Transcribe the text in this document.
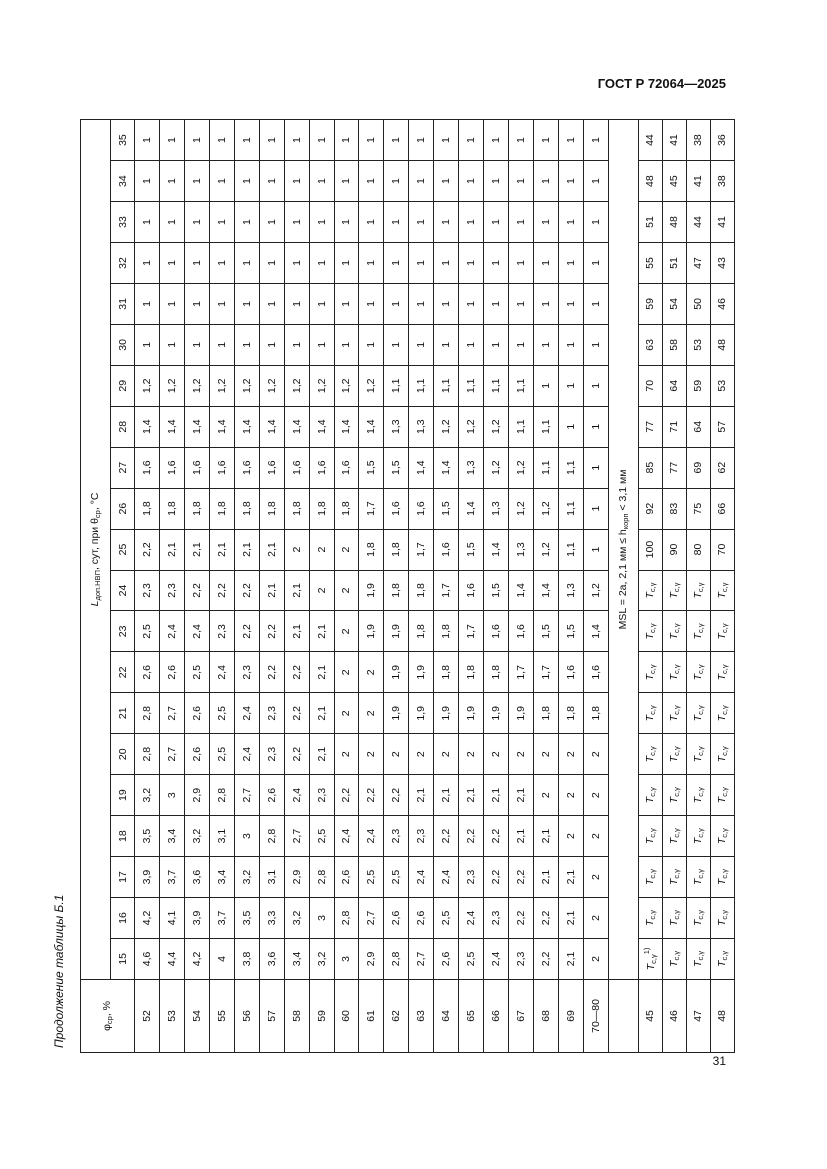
ГОСТ Р 72064—2025
Продолжение таблицы Б.1	$\varphi_{ср}$, %	$L_{доп.НВП}$, сут, при $\theta_{ср}$, °C																				
	15	16	17	18	19	20	21	22	23	24	25	26	27	28	29	30	31	32	33	34	35
52	4,6	4,2	3,9	3,5	3,2	2,8	2,8	2,6	2,5	2,3	2,2	1,8	1,6	1,4	1,2	1	1	1	1	1	1
53	4,4	4,1	3,7	3,4	3	2,7	2,7	2,6	2,4	2,3	2,1	1,8	1,6	1,4	1,2	1	1	1	1	1	1
54	4,2	3,9	3,6	3,2	2,9	2,6	2,6	2,5	2,4	2,2	2,1	1,8	1,6	1,4	1,2	1	1	1	1	1	1
55	4	3,7	3,4	3,1	2,8	2,5	2,5	2,4	2,3	2,2	2,1	1,8	1,6	1,4	1,2	1	1	1	1	1	1
56	3,8	3,5	3,2	3	2,7	2,4	2,4	2,3	2,2	2,2	2,1	1,8	1,6	1,4	1,2	1	1	1	1	1	1
57	3,6	3,3	3,1	2,8	2,6	2,3	2,3	2,2	2,2	2,1	2,1	1,8	1,6	1,4	1,2	1	1	1	1	1	1
58	3,4	3,2	2,9	2,7	2,4	2,2	2,2	2,2	2,1	2,1	2	1,8	1,6	1,4	1,2	1	1	1	1	1	1
59	3,2	3	2,8	2,5	2,3	2,1	2,1	2,1	2,1	2	2	1,8	1,6	1,4	1,2	1	1	1	1	1	1
60	3	2,8	2,6	2,4	2,2	2	2	2	2	2	2	1,8	1,6	1,4	1,2	1	1	1	1	1	1
61	2,9	2,7	2,5	2,4	2,2	2	2	2	1,9	1,9	1,8	1,7	1,5	1,4	1,2	1	1	1	1	1	1
62	2,8	2,6	2,5	2,3	2,2	2	1,9	1,9	1,9	1,8	1,8	1,6	1,5	1,3	1,1	1	1	1	1	1	1
63	2,7	2,6	2,4	2,3	2,1	2	1,9	1,9	1,8	1,8	1,7	1,6	1,4	1,3	1,1	1	1	1	1	1	1
64	2,6	2,5	2,4	2,2	2,1	2	1,9	1,8	1,8	1,7	1,6	1,5	1,4	1,2	1,1	1	1	1	1	1	1
65	2,5	2,4	2,3	2,2	2,1	2	1,9	1,8	1,7	1,6	1,5	1,4	1,3	1,2	1,1	1	1	1	1	1	1
66	2,4	2,3	2,2	2,2	2,1	2	1,9	1,8	1,6	1,5	1,4	1,3	1,2	1,2	1,1	1	1	1	1	1	1
67	2,3	2,2	2,2	2,1	2,1	2	1,9	1,7	1,6	1,4	1,3	1,2	1,2	1,1	1,1	1	1	1	1	1	1
68	2,2	2,2	2,1	2,1	2	2	1,8	1,7	1,5	1,4	1,2	1,2	1,1	1,1	1	1	1	1	1	1	1
69	2,1	2,1	2,1	2	2	2	1,8	1,6	1,5	1,3	1,1	1,1	1,1	1	1	1	1	1	1	1	1
70—80	2	2	2	2	2	2	1,8	1,6	1,4	1,2	1	1	1	1	1	1	1	1	1	1	1
	MSL = 2a, 2,1 мм ≤ $h_{корп} < 3,1$ мм																				
45	$T_{c,\gamma}^{1)}$	$T_{c,\gamma}$	$T_{c,\gamma}$	$T_{c,\gamma}$	$T_{c,\gamma}$	$T_{c,\gamma}$	$T_{c,\gamma}$	$T_{c,\gamma}$	$T_{c,\gamma}$	$T_{c,\gamma}$	100	92	85	77	70	63	59	55	51	48	44
46	$T_{c,\gamma}$	$T_{c,\gamma}$	$T_{c,\gamma}$	$T_{c,\gamma}$	$T_{c,\gamma}$	$T_{c,\gamma}$	$T_{c,\gamma}$	$T_{c,\gamma}$	$T_{c,\gamma}$	$T_{c,\gamma}$	90	83	77	71	64	58	54	51	48	45	41
47	$T_{c,\gamma}$	$T_{c,\gamma}$	$T_{c,\gamma}$	$T_{c,\gamma}$	$T_{c,\gamma}$	$T_{c,\gamma}$	$T_{c,\gamma}$	$T_{c,\gamma}$	$T_{c,\gamma}$	$T_{c,\gamma}$	80	75	69	64	59	53	50	47	44	41	38
48	$T_{c,\gamma}$	$T_{c,\gamma}$	$T_{c,\gamma}$	$T_{c,\gamma}$	$T_{c,\gamma}$	$T_{c,\gamma}$	$T_{c,\gamma}$	$T_{c,\gamma}$	$T_{c,\gamma}$	$T_{c,\gamma}$	70	66	62	57	53	48	46	43	41	38	36
31
